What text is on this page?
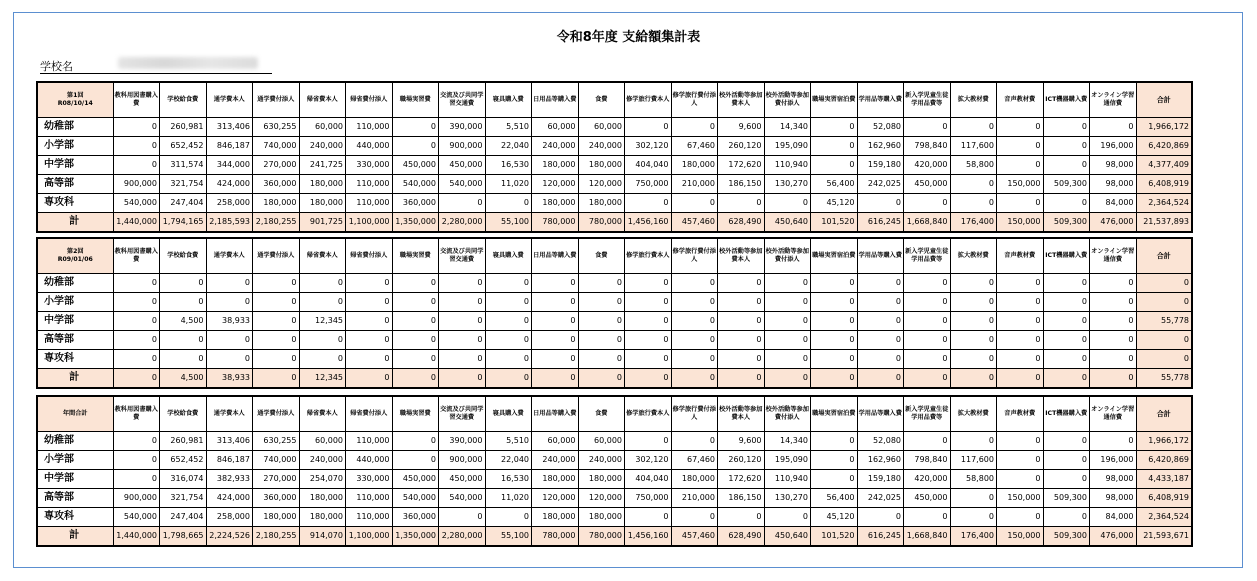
令和8年度 支給額集計表
学校名
第1回
R08/10/14	教科用図書購入費	学校給食費	通学費本人	通学費付添人	帰省費本人	帰省費付添人	職場実習費	交流及び共同学習交通費	寝具購入費	日用品等購入費	食費	修学旅行費本人	修学旅行費付添人	校外活動等参加費本人	校外活動等参加費付添人	職場実習宿泊費	学用品等購入費	新入学児童生徒学用品費等	拡大教材費	音声教材費	ICT機器購入費	オンライン学習通信費	合計
幼稚部	0	260,981	313,406	630,255	60,000	110,000	0	390,000	5,510	60,000	60,000	0	0	9,600	14,340	0	52,080	0	0	0	0	0	1,966,172
小学部	0	652,452	846,187	740,000	240,000	440,000	0	900,000	22,040	240,000	240,000	302,120	67,460	260,120	195,090	0	162,960	798,840	117,600	0	0	196,000	6,420,869
中学部	0	311,574	344,000	270,000	241,725	330,000	450,000	450,000	16,530	180,000	180,000	404,040	180,000	172,620	110,940	0	159,180	420,000	58,800	0	0	98,000	4,377,409
高等部	900,000	321,754	424,000	360,000	180,000	110,000	540,000	540,000	11,020	120,000	120,000	750,000	210,000	186,150	130,270	56,400	242,025	450,000	0	150,000	509,300	98,000	6,408,919
専攻科	540,000	247,404	258,000	180,000	180,000	110,000	360,000	0	0	180,000	180,000	0	0	0	0	45,120	0	0	0	0	0	84,000	2,364,524
計	1,440,000	1,794,165	2,185,593	2,180,255	901,725	1,100,000	1,350,000	2,280,000	55,100	780,000	780,000	1,456,160	457,460	628,490	450,640	101,520	616,245	1,668,840	176,400	150,000	509,300	476,000	21,537,893
第2回
R09/01/06	教科用図書購入費	学校給食費	通学費本人	通学費付添人	帰省費本人	帰省費付添人	職場実習費	交流及び共同学習交通費	寝具購入費	日用品等購入費	食費	修学旅行費本人	修学旅行費付添人	校外活動等参加費本人	校外活動等参加費付添人	職場実習宿泊費	学用品等購入費	新入学児童生徒学用品費等	拡大教材費	音声教材費	ICT機器購入費	オンライン学習通信費	合計
幼稚部	0	0	0	0	0	0	0	0	0	0	0	0	0	0	0	0	0	0	0	0	0	0	0
小学部	0	0	0	0	0	0	0	0	0	0	0	0	0	0	0	0	0	0	0	0	0	0	0
中学部	0	4,500	38,933	0	12,345	0	0	0	0	0	0	0	0	0	0	0	0	0	0	0	0	0	55,778
高等部	0	0	0	0	0	0	0	0	0	0	0	0	0	0	0	0	0	0	0	0	0	0	0
専攻科	0	0	0	0	0	0	0	0	0	0	0	0	0	0	0	0	0	0	0	0	0	0	0
計	0	4,500	38,933	0	12,345	0	0	0	0	0	0	0	0	0	0	0	0	0	0	0	0	0	55,778
年間合計	教科用図書購入費	学校給食費	通学費本人	通学費付添人	帰省費本人	帰省費付添人	職場実習費	交流及び共同学習交通費	寝具購入費	日用品等購入費	食費	修学旅行費本人	修学旅行費付添人	校外活動等参加費本人	校外活動等参加費付添人	職場実習宿泊費	学用品等購入費	新入学児童生徒学用品費等	拡大教材費	音声教材費	ICT機器購入費	オンライン学習通信費	合計
幼稚部	0	260,981	313,406	630,255	60,000	110,000	0	390,000	5,510	60,000	60,000	0	0	9,600	14,340	0	52,080	0	0	0	0	0	1,966,172
小学部	0	652,452	846,187	740,000	240,000	440,000	0	900,000	22,040	240,000	240,000	302,120	67,460	260,120	195,090	0	162,960	798,840	117,600	0	0	196,000	6,420,869
中学部	0	316,074	382,933	270,000	254,070	330,000	450,000	450,000	16,530	180,000	180,000	404,040	180,000	172,620	110,940	0	159,180	420,000	58,800	0	0	98,000	4,433,187
高等部	900,000	321,754	424,000	360,000	180,000	110,000	540,000	540,000	11,020	120,000	120,000	750,000	210,000	186,150	130,270	56,400	242,025	450,000	0	150,000	509,300	98,000	6,408,919
専攻科	540,000	247,404	258,000	180,000	180,000	110,000	360,000	0	0	180,000	180,000	0	0	0	0	45,120	0	0	0	0	0	84,000	2,364,524
計	1,440,000	1,798,665	2,224,526	2,180,255	914,070	1,100,000	1,350,000	2,280,000	55,100	780,000	780,000	1,456,160	457,460	628,490	450,640	101,520	616,245	1,668,840	176,400	150,000	509,300	476,000	21,593,671
